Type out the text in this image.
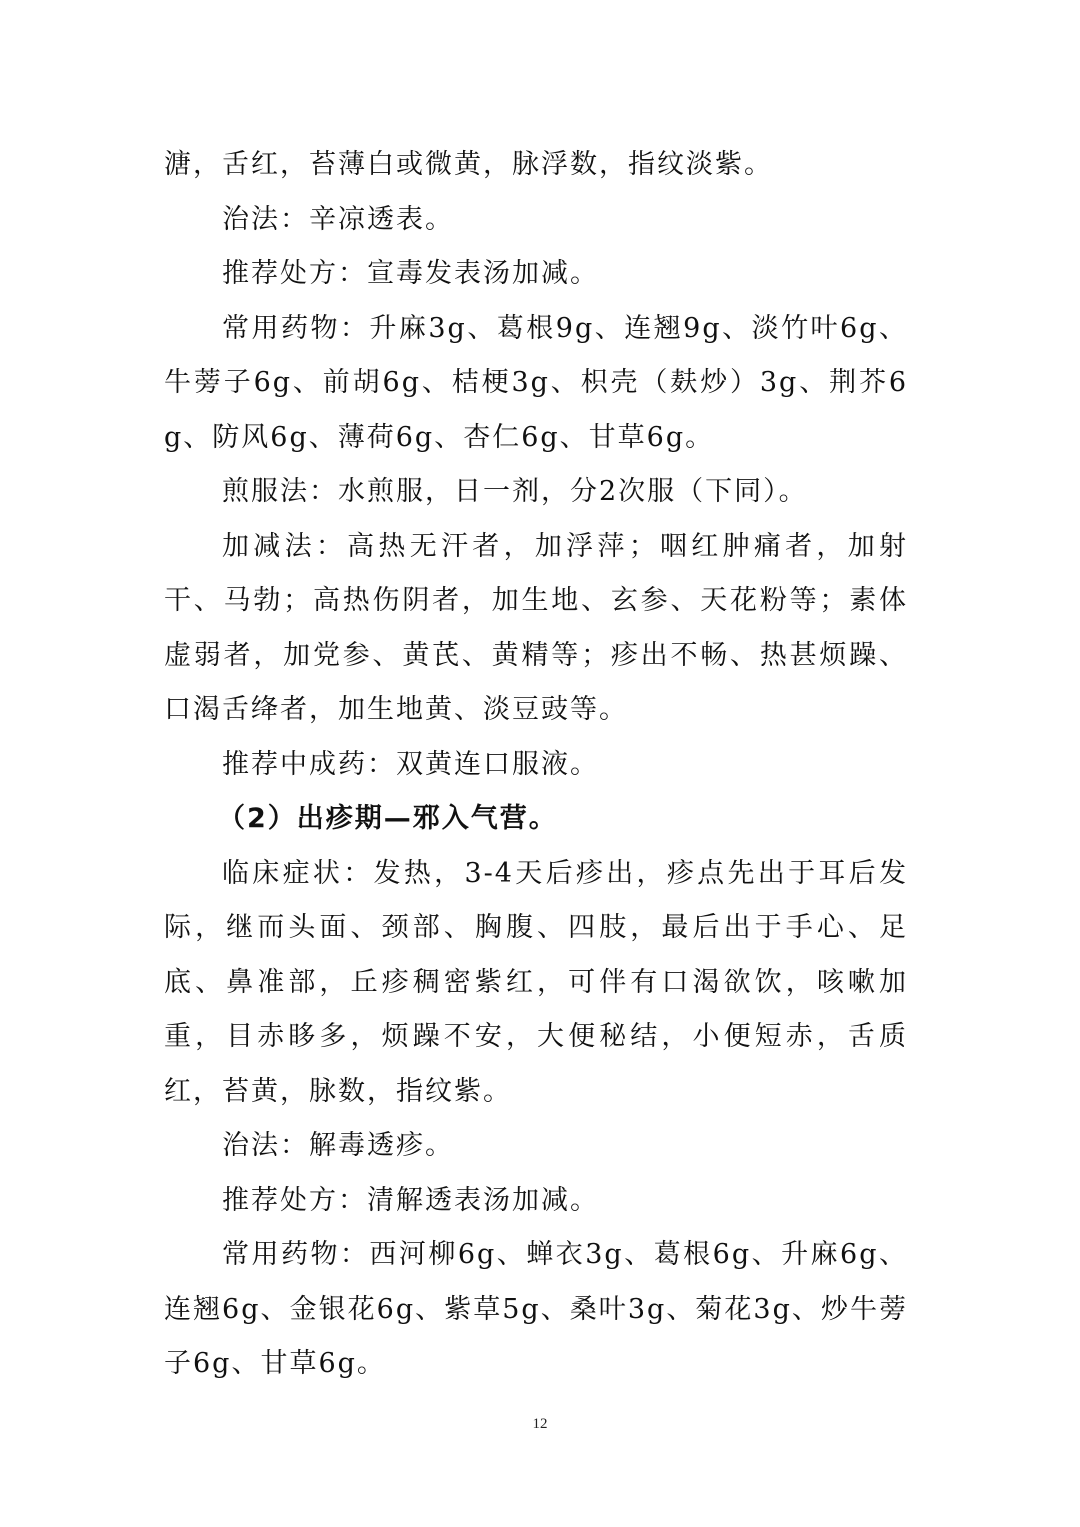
溏，舌红，苔薄白或微黄，脉浮数，指纹淡紫。

治法：辛凉透表。

推荐处方：宣毒发表汤加减。

常用药物：升麻3g、葛根9g、连翘9g、淡竹叶6g、牛蒡子6g、前胡6g、桔梗3g、枳壳（麸炒）3g、荆芥6g、防风6g、薄荷6g、杏仁6g、甘草6g。

煎服法：水煎服，日一剂，分2次服（下同）。

加减法：高热无汗者，加浮萍；咽红肿痛者，加射干、马勃；高热伤阴者，加生地、玄参、天花粉等；素体虚弱者，加党参、黄芪、黄精等；疹出不畅、热甚烦躁、口渴舌绛者，加生地黄、淡豆豉等。

推荐中成药：双黄连口服液。

（2）出疹期—邪入气营。

临床症状：发热，3-4天后疹出，疹点先出于耳后发际，继而头面、颈部、胸腹、四肢，最后出于手心、足底、鼻准部，丘疹稠密紫红，可伴有口渴欲饮，咳嗽加重，目赤眵多，烦躁不安，大便秘结，小便短赤，舌质红，苔黄，脉数，指纹紫。

治法：解毒透疹。

推荐处方：清解透表汤加减。

常用药物：西河柳6g、蝉衣3g、葛根6g、升麻6g、连翘6g、金银花6g、紫草5g、桑叶3g、菊花3g、炒牛蒡子6g、甘草6g。

12
